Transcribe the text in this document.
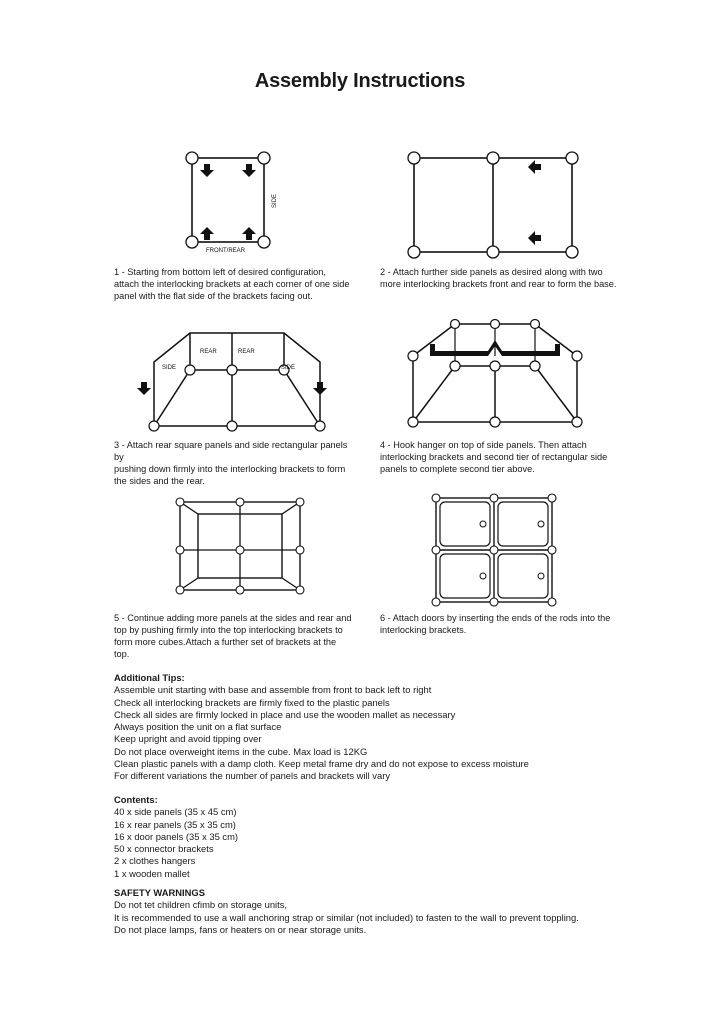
Assembly Instructions
SIDE
FRONT/REAR
REAR	REAR
SIDE	SIDE
1 - Starting from bottom left of desired configuration,
attach the interlocking brackets at each corner of one side
panel with the flat side of the brackets facing out.
2 - Attach further side panels as desired along with two
more interlocking brackets front and rear to form the base.
3 - Attach rear square panels and side rectangular panels by
pushing down firmly into the interlocking brackets to form
the sides and the rear.
4 - Hook hanger on top of side panels. Then attach
interlocking brackets and second tier of rectangular side
panels to complete second tier above.
5 - Continue adding more panels at the sides and rear and
top by pushing firmly into the top interlocking brackets to
form more cubes.Attach a further set of brackets at the
top.
6 - Attach doors by inserting the ends of the rods into the
interlocking brackets.
Additional Tips:
Assemble unit starting with base and assemble from front to back left to right
Check all interlocking brackets are firmly fixed to the plastic panels
Check all sides are firmly locked in place and use the wooden mallet as necessary
Always position the unit on a flat surface
Keep upright and avoid tipping over
Do not place overweight items in the cube. Max load is 12KG
Clean plastic panels with a damp cloth. Keep metal frame dry and do not expose to excess moisture
For different variations the number of panels and brackets will vary
Contents:
40 x side panels (35 x 45 cm)
16 x rear panels (35 x 35 cm)
16 x door panels (35 x 35 cm)
50 x connector brackets
2 x clothes hangers
1 x wooden mallet
SAFETY WARNINGS
Do not tet children cfimb on storage units,
It is recommended to use a wall anchoring strap or similar (not included) to fasten to the wall to prevent toppling.
Do not place lamps, fans or heaters on or near storage units.
